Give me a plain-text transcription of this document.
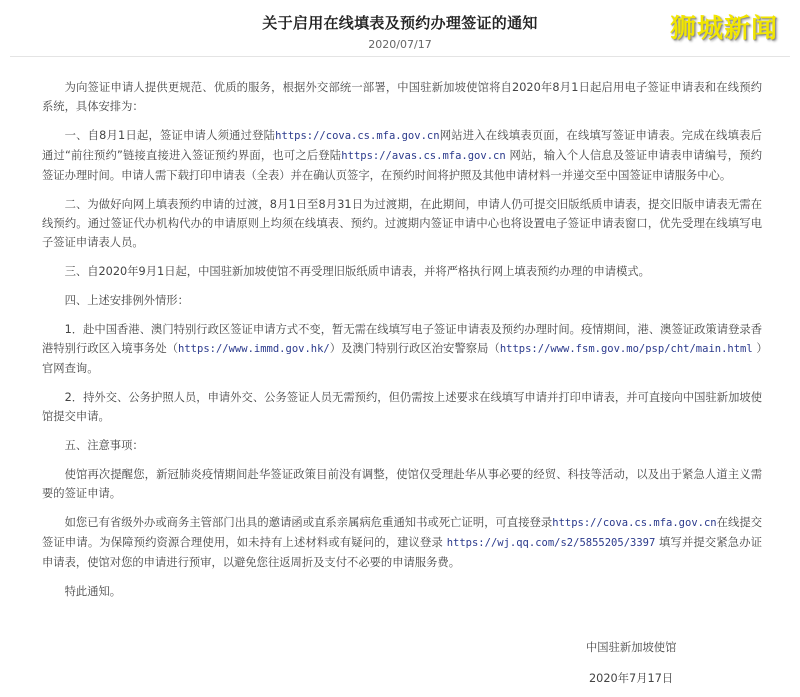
关于启用在线填表及预约办理签证的通知
2020/07/17
狮城新闻

为向签证申请人提供更规范、优质的服务，根据外交部统一部署，中国驻新加坡使馆将自2020年8月1日起启用电子签证申请表和在线预约系统，具体安排为：

一、自8月1日起，签证申请人须通过登陆https://cova.cs.mfa.gov.cn网站进入在线填表页面，在线填写签证申请表。完成在线填表后通过“前往预约”链接直接进入签证预约界面，也可之后登陆https://avas.cs.mfa.gov.cn 网站，输入个人信息及签证申请表申请编号，预约签证办理时间。申请人需下载打印申请表（全表）并在确认页签字，在预约时间将护照及其他申请材料一并递交至中国签证申请服务中心。

二、为做好向网上填表预约申请的过渡，8月1日至8月31日为过渡期，在此期间，申请人仍可提交旧版纸质申请表，提交旧版申请表无需在线预约。通过签证代办机构代办的申请原则上均须在线填表、预约。过渡期内签证申请中心也将设置电子签证申请表窗口，优先受理在线填写电子签证申请表人员。

三、自2020年9月1日起，中国驻新加坡使馆不再受理旧版纸质申请表，并将严格执行网上填表预约办理的申请模式。

四、上述安排例外情形：

1．赴中国香港、澳门特别行政区签证申请方式不变，暂无需在线填写电子签证申请表及预约办理时间。疫情期间，港、澳签证政策请登录香港特别行政区入境事务处（https://www.immd.gov.hk/）及澳门特别行政区治安警察局（https://www.fsm.gov.mo/psp/cht/main.html ）官网查询。

2．持外交、公务护照人员，申请外交、公务签证人员无需预约，但仍需按上述要求在线填写申请并打印申请表，并可直接向中国驻新加坡使馆提交申请。

五、注意事项：

使馆再次提醒您，新冠肺炎疫情期间赴华签证政策目前没有调整，使馆仅受理赴华从事必要的经贸、科技等活动，以及出于紧急人道主义需要的签证申请。

如您已有省级外办或商务主管部门出具的邀请函或直系亲属病危重通知书或死亡证明，可直接登录https://cova.cs.mfa.gov.cn在线提交签证申请。为保障预约资源合理使用，如未持有上述材料或有疑问的，建议登录 https://wj.qq.com/s2/5855205/3397 填写并提交紧急办证申请表，使馆对您的申请进行预审，以避免您往返周折及支付不必要的申请服务费。

特此通知。

中国驻新加坡使馆
2020年7月17日
